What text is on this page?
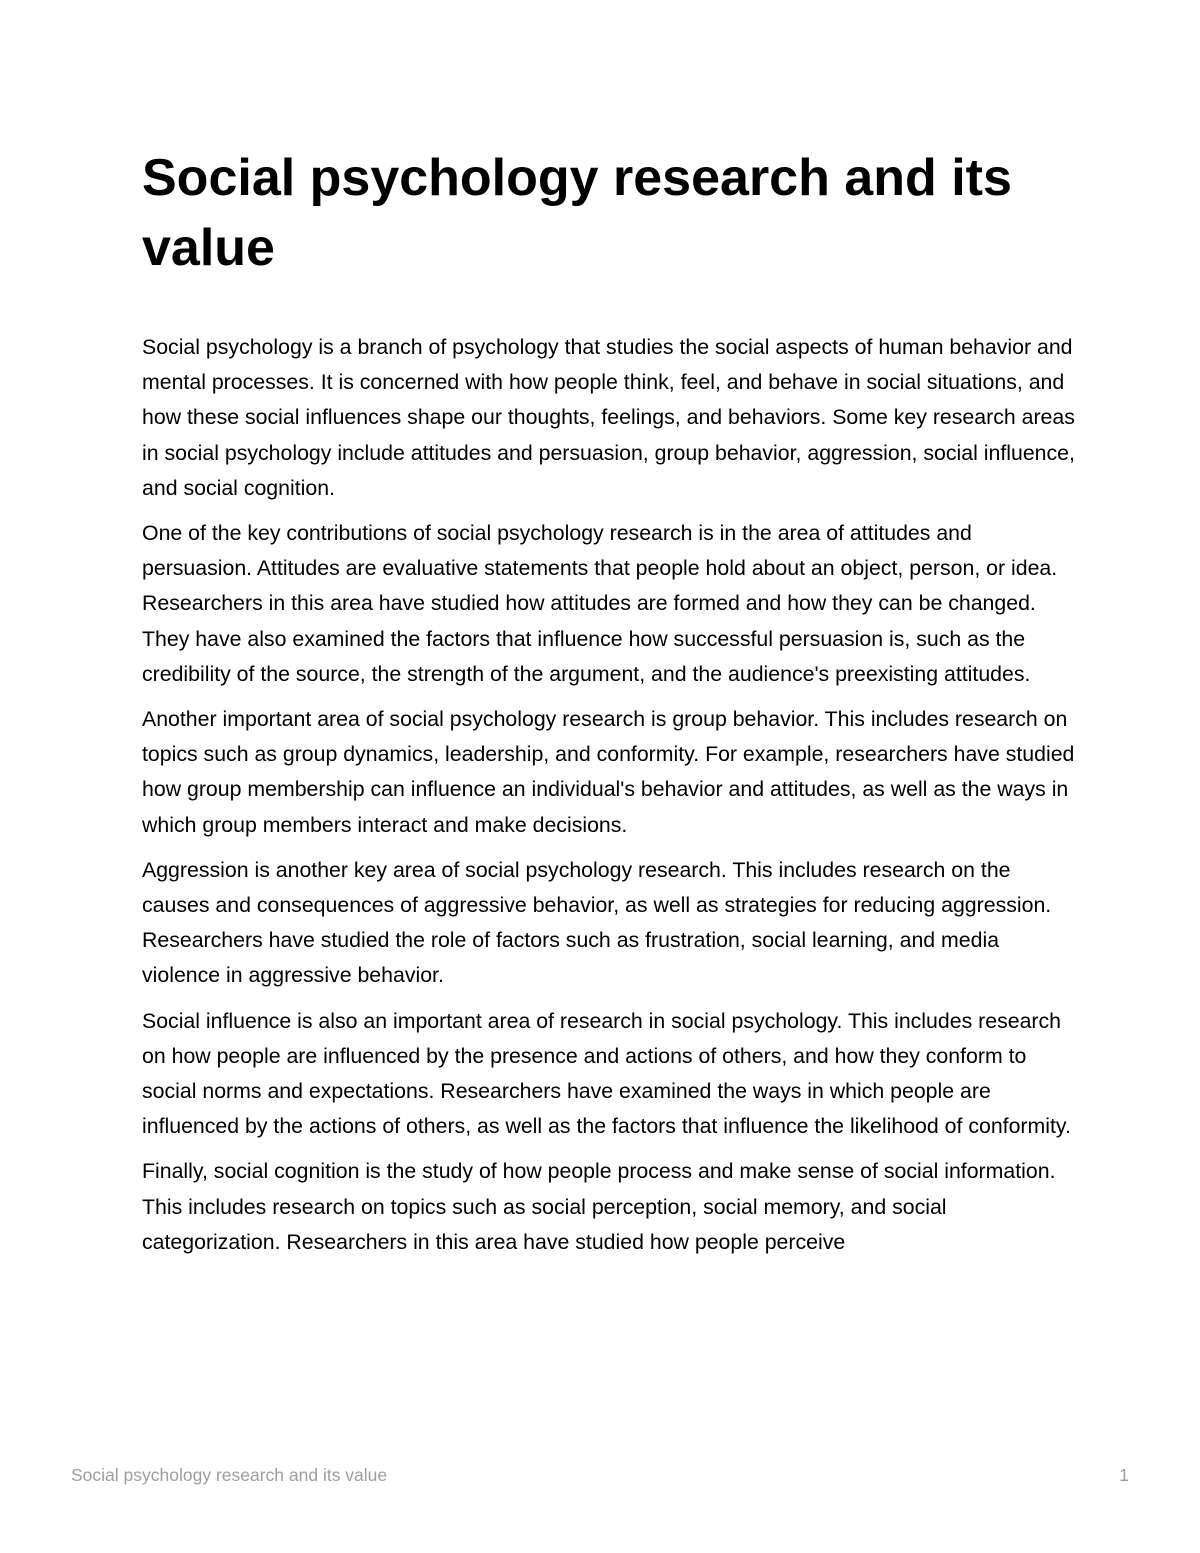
Social psychology research and its value

Social psychology is a branch of psychology that studies the social aspects of human behavior and mental processes. It is concerned with how people think, feel, and behave in social situations, and how these social influences shape our thoughts, feelings, and behaviors. Some key research areas in social psychology include attitudes and persuasion, group behavior, aggression, social influence, and social cognition.

One of the key contributions of social psychology research is in the area of attitudes and persuasion. Attitudes are evaluative statements that people hold about an object, person, or idea. Researchers in this area have studied how attitudes are formed and how they can be changed. They have also examined the factors that influence how successful persuasion is, such as the credibility of the source, the strength of the argument, and the audience's preexisting attitudes.

Another important area of social psychology research is group behavior. This includes research on topics such as group dynamics, leadership, and conformity. For example, researchers have studied how group membership can influence an individual's behavior and attitudes, as well as the ways in which group members interact and make decisions.

Aggression is another key area of social psychology research. This includes research on the causes and consequences of aggressive behavior, as well as strategies for reducing aggression. Researchers have studied the role of factors such as frustration, social learning, and media violence in aggressive behavior.

Social influence is also an important area of research in social psychology. This includes research on how people are influenced by the presence and actions of others, and how they conform to social norms and expectations. Researchers have examined the ways in which people are influenced by the actions of others, as well as the factors that influence the likelihood of conformity.

Finally, social cognition is the study of how people process and make sense of social information. This includes research on topics such as social perception, social memory, and social categorization. Researchers in this area have studied how people perceive

Social psychology research and its value	1
